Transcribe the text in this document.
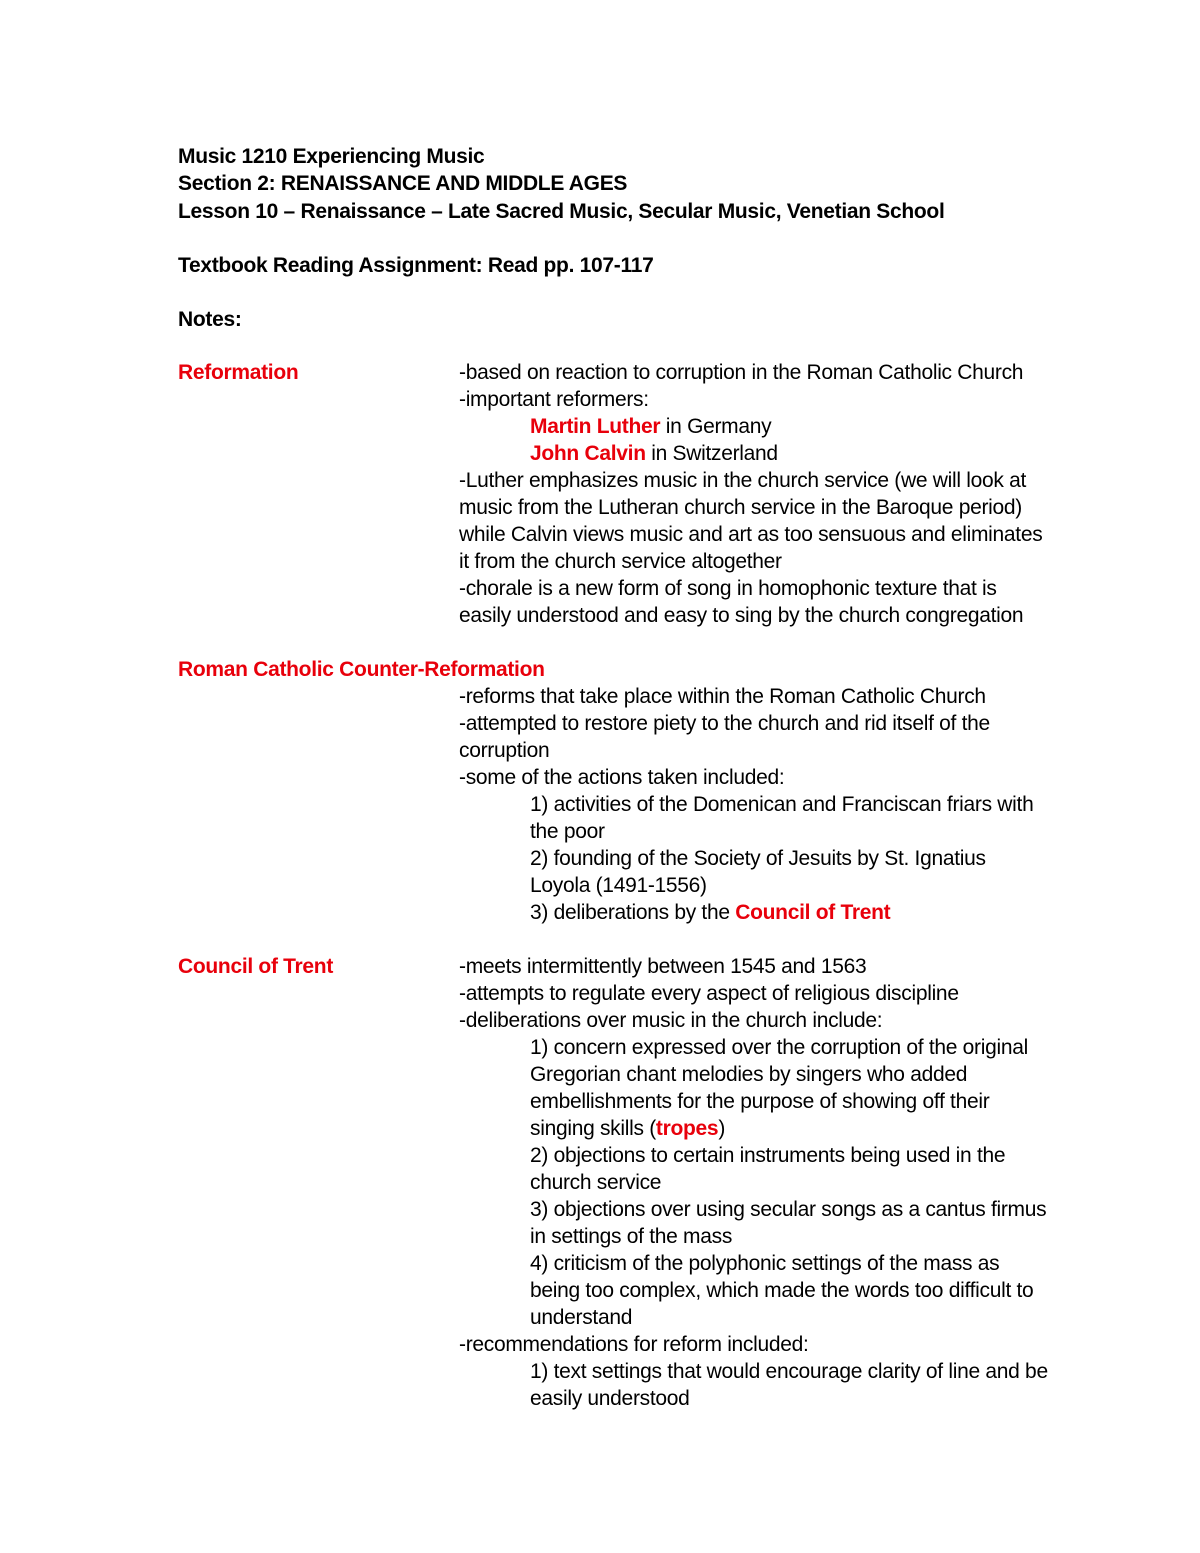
Music 1210 Experiencing Music
Section 2: RENAISSANCE AND MIDDLE AGES
Lesson 10 – Renaissance – Late Sacred Music, Secular Music, Venetian School
Textbook Reading Assignment: Read pp. 107-117
Notes:
Reformation	-based on reaction to corruption in the Roman Catholic Church
-important reformers:
Martin Luther in Germany
John Calvin in Switzerland
-Luther emphasizes music in the church service (we will look at
music from the Lutheran church service in the Baroque period)
while Calvin views music and art as too sensuous and eliminates
it from the church service altogether
-chorale is a new form of song in homophonic texture that is
easily understood and easy to sing by the church congregation
Roman Catholic Counter-Reformation
-reforms that take place within the Roman Catholic Church
-attempted to restore piety to the church and rid itself of the
corruption
-some of the actions taken included:
1) activities of the Domenican and Franciscan friars with
the poor
2) founding of the Society of Jesuits by St. Ignatius
Loyola (1491-1556)
3) deliberations by the Council of Trent
Council of Trent	-meets intermittently between 1545 and 1563
-attempts to regulate every aspect of religious discipline
-deliberations over music in the church include:
1) concern expressed over the corruption of the original
Gregorian chant melodies by singers who added
embellishments for the purpose of showing off their
singing skills (tropes)
2) objections to certain instruments being used in the
church service
3) objections over using secular songs as a cantus firmus
in settings of the mass
4) criticism of the polyphonic settings of the mass as
being too complex, which made the words too difficult to
understand
-recommendations for reform included:
1) text settings that would encourage clarity of line and be
easily understood
